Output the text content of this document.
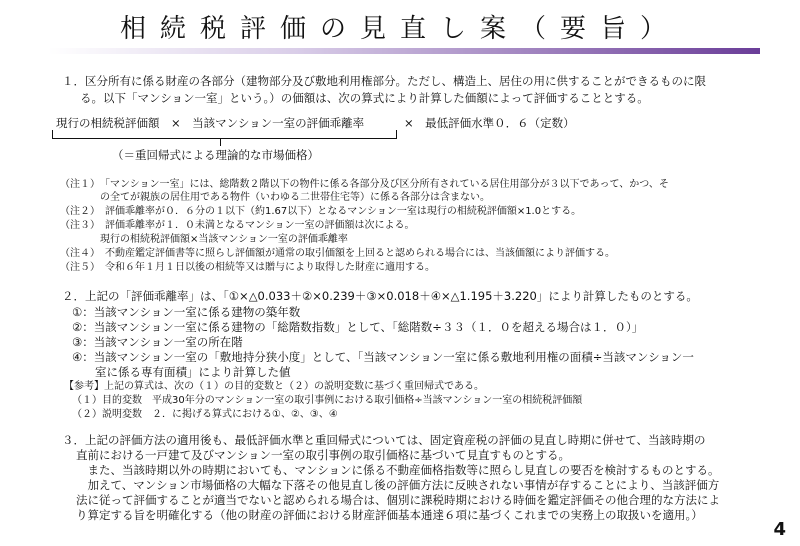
相続税評価の見直し案（要旨）
１．区分所有に係る財産の各部分（建物部分及び敷地利用権部分。ただし、構造上、居住の用に供することができるものに限
る。以下「マンション一室」という。）の価額は、次の算式により計算した価額によって評価することとする。
現行の相続税評価額　×　当該マンション一室の評価乖離率	×　最低評価水準０．６（定数）
（＝重回帰式による理論的な市場価格）
（注１）　「マンション一室」には、総階数２階以下の物件に係る各部分及び区分所有されている居住用部分が３以下であって、かつ、そ
　　　　の全てが親族の居住用である物件（いわゆる二世帯住宅等）に係る各部分は含まない。
（注２）　評価乖離率が０．６分の１以下（約1.67以下）となるマンション一室は現行の相続税評価額×1.0とする。
（注３）　評価乖離率が１．０未満となるマンション一室の評価額は次による。
　　　　現行の相続税評価額×当該マンション一室の評価乖離率
（注４）　不動産鑑定評価書等に照らし評価額が通常の取引価額を上回ると認められる場合には、当該価額により評価する。
（注５）　令和６年１月１日以後の相続等又は贈与により取得した財産に適用する。
２．上記の「評価乖離率」は、「①×△0.033＋②×0.239＋③×0.018＋④×△1.195＋3.220」により計算したものとする。
①：当該マンション一室に係る建物の築年数
②：当該マンション一室に係る建物の「総階数指数」として、「総階数÷３３（１．０を超える場合は１．０）」
③：当該マンション一室の所在階
④：当該マンション一室の「敷地持分狭小度」として、「当該マンション一室に係る敷地利用権の面積÷当該マンション一
　　室に係る専有面積」により計算した値
【参考】上記の算式は、次の（１）の目的変数と（２）の説明変数に基づく重回帰式である。
（１）目的変数　平成30年分のマンション一室の取引事例における取引価格÷当該マンション一室の相続税評価額
（２）説明変数　２．に掲げる算式における①、②、③、④
３．上記の評価方法の適用後も、最低評価水準と重回帰式については、固定資産税の評価の見直し時期に併せて、当該時期の
直前における一戸建て及びマンション一室の取引事例の取引価格に基づいて見直すものとする。
　また、当該時期以外の時期においても、マンションに係る不動産価格指数等に照らし見直しの要否を検討するものとする。
　加えて、マンション市場価格の大幅な下落その他見直し後の評価方法に反映されない事情が存することにより、当該評価方
法に従って評価することが適当でないと認められる場合は、個別に課税時期における時価を鑑定評価その他合理的な方法によ
り算定する旨を明確化する（他の財産の評価における財産評価基本通達６項に基づくこれまでの実務上の取扱いを適用。）
4
